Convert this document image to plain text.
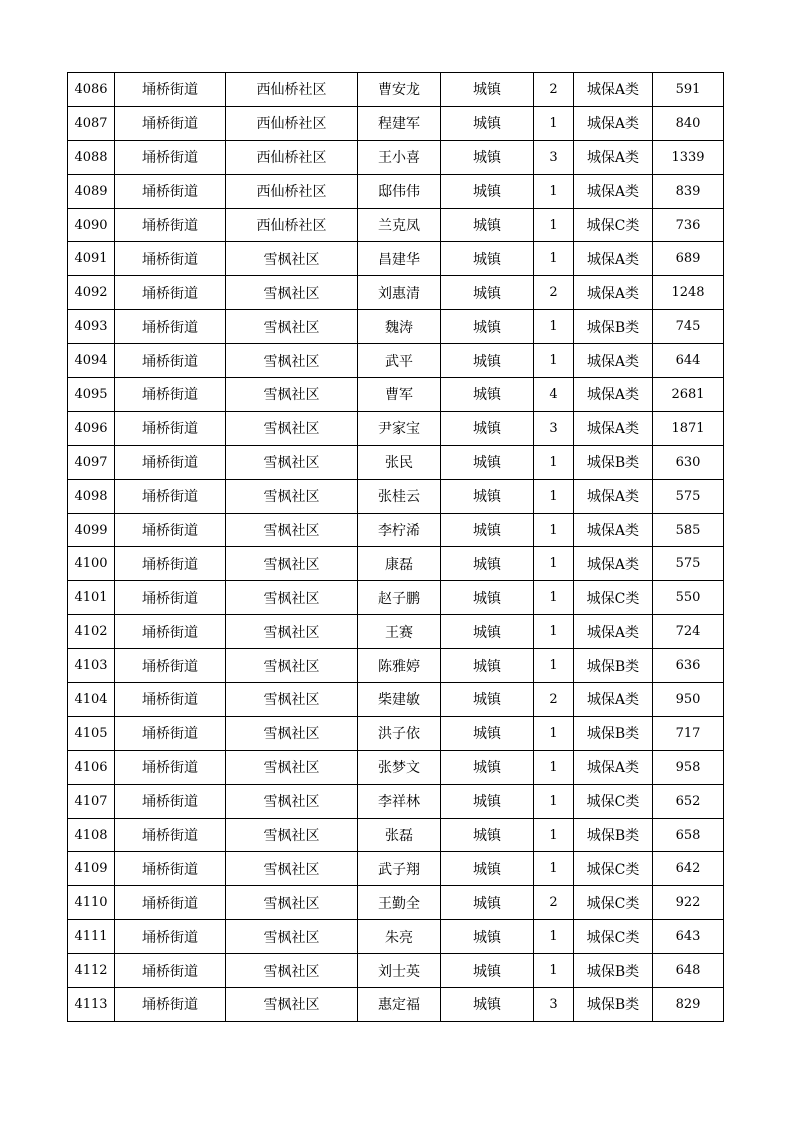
4086	埇桥街道	西仙桥社区	曹安龙	城镇	2	城保A类	591
4087	埇桥街道	西仙桥社区	程建军	城镇	1	城保A类	840
4088	埇桥街道	西仙桥社区	王小喜	城镇	3	城保A类	1339
4089	埇桥街道	西仙桥社区	邸伟伟	城镇	1	城保A类	839
4090	埇桥街道	西仙桥社区	兰克凤	城镇	1	城保C类	736
4091	埇桥街道	雪枫社区	昌建华	城镇	1	城保A类	689
4092	埇桥街道	雪枫社区	刘惠清	城镇	2	城保A类	1248
4093	埇桥街道	雪枫社区	魏涛	城镇	1	城保B类	745
4094	埇桥街道	雪枫社区	武平	城镇	1	城保A类	644
4095	埇桥街道	雪枫社区	曹军	城镇	4	城保A类	2681
4096	埇桥街道	雪枫社区	尹家宝	城镇	3	城保A类	1871
4097	埇桥街道	雪枫社区	张民	城镇	1	城保B类	630
4098	埇桥街道	雪枫社区	张桂云	城镇	1	城保A类	575
4099	埇桥街道	雪枫社区	李柠浠	城镇	1	城保A类	585
4100	埇桥街道	雪枫社区	康磊	城镇	1	城保A类	575
4101	埇桥街道	雪枫社区	赵子鹏	城镇	1	城保C类	550
4102	埇桥街道	雪枫社区	王赛	城镇	1	城保A类	724
4103	埇桥街道	雪枫社区	陈雅婷	城镇	1	城保B类	636
4104	埇桥街道	雪枫社区	柴建敏	城镇	2	城保A类	950
4105	埇桥街道	雪枫社区	洪子依	城镇	1	城保B类	717
4106	埇桥街道	雪枫社区	张梦文	城镇	1	城保A类	958
4107	埇桥街道	雪枫社区	李祥林	城镇	1	城保C类	652
4108	埇桥街道	雪枫社区	张磊	城镇	1	城保B类	658
4109	埇桥街道	雪枫社区	武子翔	城镇	1	城保C类	642
4110	埇桥街道	雪枫社区	王勤全	城镇	2	城保C类	922
4111	埇桥街道	雪枫社区	朱亮	城镇	1	城保C类	643
4112	埇桥街道	雪枫社区	刘士英	城镇	1	城保B类	648
4113	埇桥街道	雪枫社区	惠定福	城镇	3	城保B类	829
